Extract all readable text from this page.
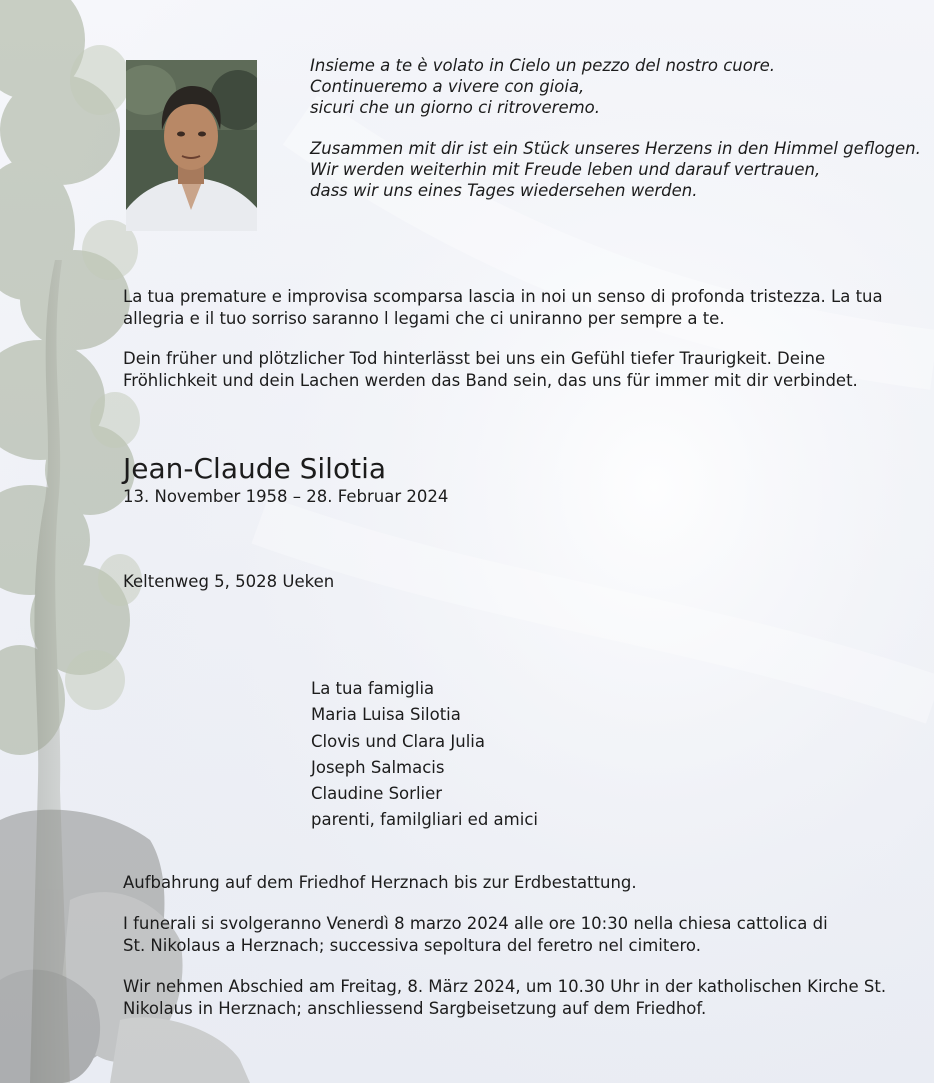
Insieme a te è volato in Cielo un pezzo del nostro cuore.
Continueremo a vivere con gioia,
sicuri che un giorno ci ritroveremo.
Zusammen mit dir ist ein Stück unseres Herzens in den Himmel geflogen.
Wir werden weiterhin mit Freude leben und darauf vertrauen,
dass wir uns eines Tages wiedersehen werden.
La tua premature e improvisa scomparsa lascia in noi un senso di profonda tristezza. La tua allegria e il tuo sorriso saranno l legami che ci uniranno per sempre a te.
Dein früher und plötzlicher Tod hinterlässt bei uns ein Gefühl tiefer Traurigkeit. Deine Fröhlichkeit und dein Lachen werden das Band sein, das uns für immer mit dir verbindet.
Jean-Claude Silotia
13. November 1958 – 28. Februar 2024
Keltenweg 5, 5028 Ueken
La tua famiglia
Maria Luisa Silotia
Clovis und Clara Julia
Joseph Salmacis
Claudine Sorlier
parenti, familgliari ed amici
Aufbahrung auf dem Friedhof Herznach bis zur Erdbestattung.
I funerali si svolgeranno Venerdì 8 marzo 2024 alle ore 10:30 nella chiesa cattolica di St. Nikolaus a Herznach; successiva sepoltura del feretro nel cimitero.
Wir nehmen Abschied am Freitag, 8. März 2024, um 10.30 Uhr in der katholischen Kirche St. Nikolaus in Herznach; anschliessend Sargbeisetzung auf dem Friedhof.
